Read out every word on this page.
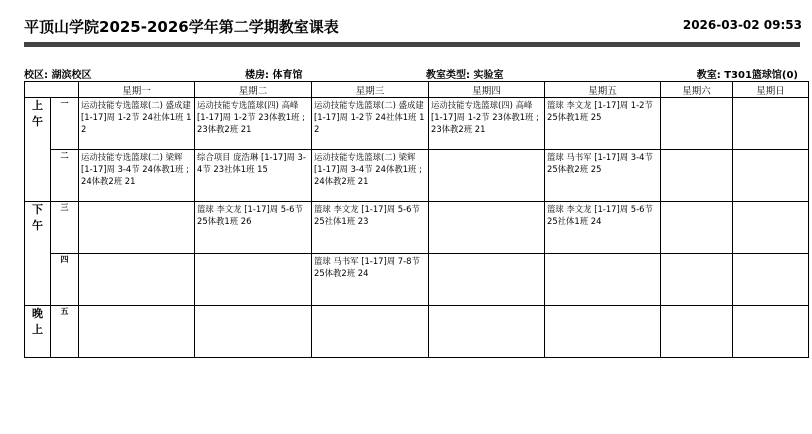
平顶山学院2025-2026学年第二学期教室课表	2026-03-02 09:53
校区: 湖滨校区	楼房: 体育馆	教室类型: 实验室	教室: T301篮球馆(0)
		星期一	星期二	星期三	星期四	星期五	星期六	星期日

上
午	一	运动技能专选篮球(二) 盛成建 [1-17]周 1-2节 24社体1班 12	运动技能专选篮球(四) 高峰 [1-17]周 1-2节 23体教1班 ;23体教2班 21	运动技能专选篮球(二) 盛成建 [1-17]周 1-2节 24社体1班 12	运动技能专选篮球(四) 高峰 [1-17]周 1-2节 23体教1班 ;23体教2班 21	篮球 李文龙 [1-17]周 1-2节 25体教1班 25		

	二	运动技能专选篮球(二) 梁辉 [1-17]周 3-4节 24体教1班 ;24体教2班 21	综合项目 庞浩琳 [1-17]周 3-4节 23社体1班 15	运动技能专选篮球(二) 梁辉 [1-17]周 3-4节 24体教1班 ;24体教2班 21		篮球 马书军 [1-17]周 3-4节 25体教2班 25		

下
午	三		篮球 李文龙 [1-17]周 5-6节 25体教1班 26	篮球 李文龙 [1-17]周 5-6节 25社体1班 23		篮球 李文龙 [1-17]周 5-6节 25社体1班 24		

	四			篮球 马书军 [1-17]周 7-8节 25体教2班 24				

晚
上	五	
